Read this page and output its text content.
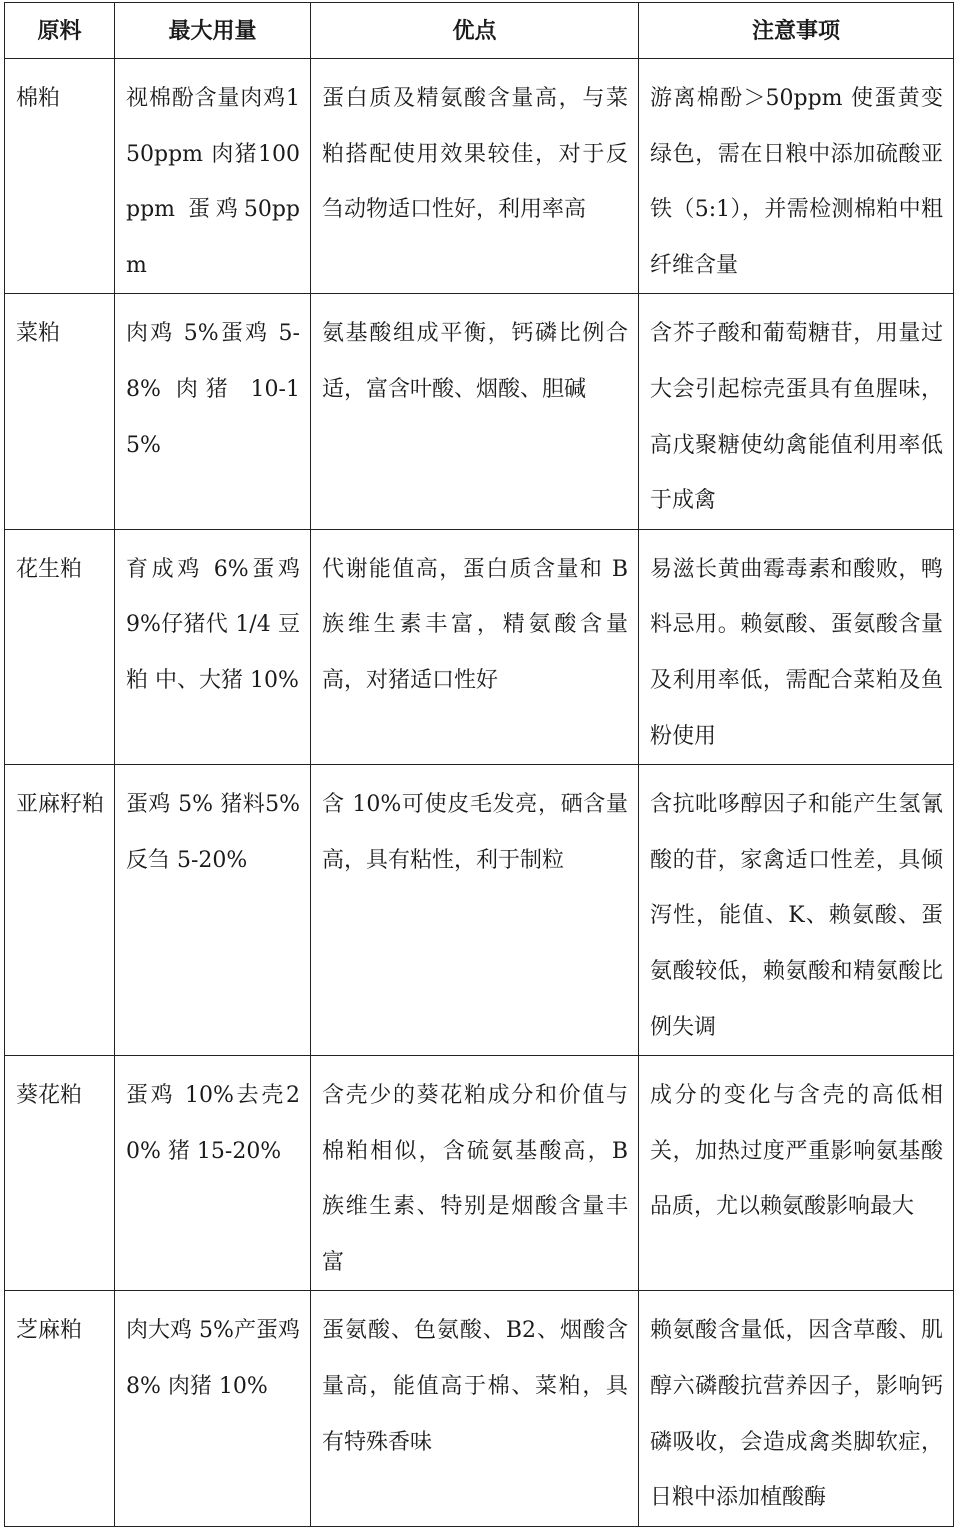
原料	最大用量	优点	注意事项
棉粕	视棉酚含量肉鸡150ppm 肉猪100ppm 蛋鸡50ppm	蛋白质及精氨酸含量高，与菜粕搭配使用效果较佳，对于反刍动物适口性好，利用率高	游离棉酚＞50ppm 使蛋黄变绿色，需在日粮中添加硫酸亚铁（5:1），并需检测棉粕中粗纤维含量
菜粕	肉鸡 5%蛋鸡 5-8% 肉猪 10-15%	氨基酸组成平衡，钙磷比例合适，富含叶酸、烟酸、胆碱	含芥子酸和葡萄糖苷，用量过大会引起棕壳蛋具有鱼腥味，高戊聚糖使幼禽能值利用率低于成禽
花生粕	育成鸡 6%蛋鸡9%仔猪代 1/4 豆粕 中、大猪 10%	代谢能值高，蛋白质含量和 B 族维生素丰富，精氨酸含量高，对猪适口性好	易滋长黄曲霉毒素和酸败，鸭料忌用。赖氨酸、蛋氨酸含量及利用率低，需配合菜粕及鱼粉使用
亚麻籽粕	蛋鸡 5% 猪料5% 反刍 5-20%	含 10%可使皮毛发亮，硒含量高，具有粘性，利于制粒	含抗吡哆醇因子和能产生氢氰酸的苷，家禽适口性差，具倾泻性，能值、K、赖氨酸、蛋氨酸较低，赖氨酸和精氨酸比例失调
葵花粕	蛋鸡 10%去壳20% 猪 15-20%	含壳少的葵花粕成分和价值与棉粕相似，含硫氨基酸高，B 族维生素、特别是烟酸含量丰富	成分的变化与含壳的高低相关，加热过度严重影响氨基酸品质，尤以赖氨酸影响最大
芝麻粕	肉大鸡 5%产蛋鸡 8% 肉猪 10%	蛋氨酸、色氨酸、B2、烟酸含量高，能值高于棉、菜粕，具有特殊香味	赖氨酸含量低，因含草酸、肌醇六磷酸抗营养因子，影响钙磷吸收，会造成禽类脚软症，日粮中添加植酸酶
